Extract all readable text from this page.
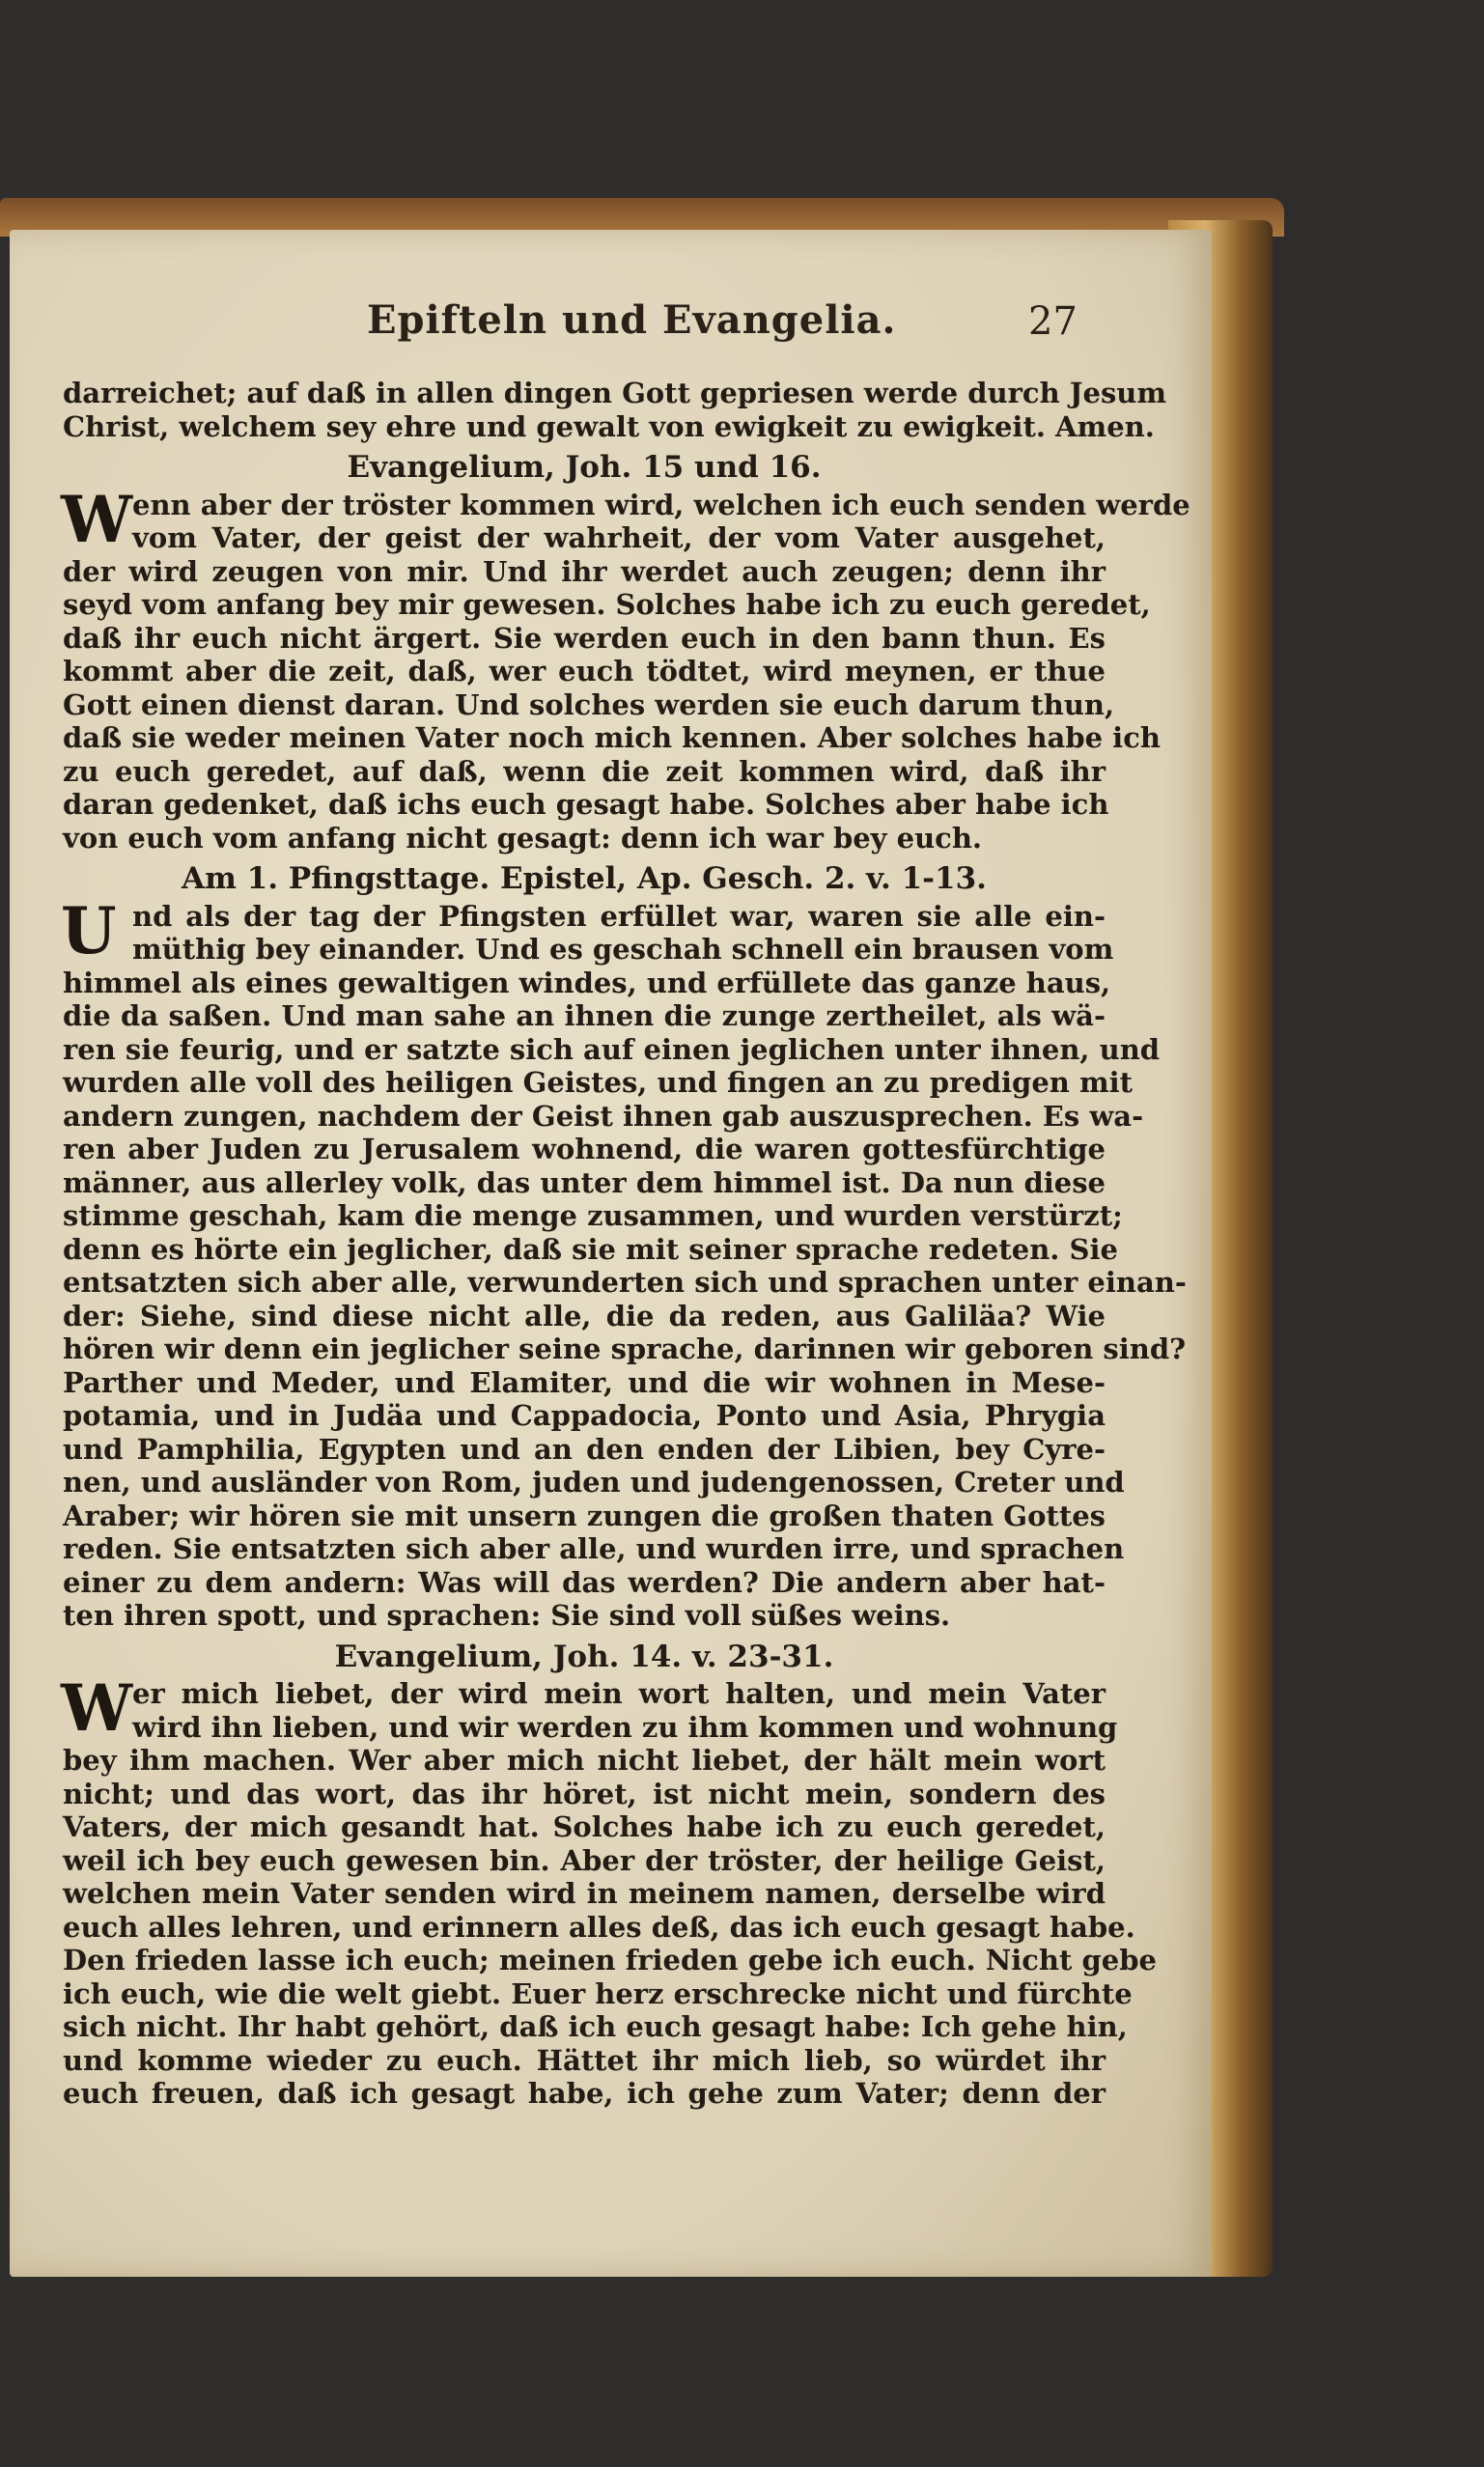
Epifteln und Evangelia.	27
darreichet; auf daß in allen dingen Gott gepriesen werde durch Jesum
Christ, welchem sey ehre und gewalt von ewigkeit zu ewigkeit. Amen.
Evangelium, Joh. 15 und 16.
W enn aber der tröster kommen wird, welchen ich euch senden werde
vom Vater, der geist der wahrheit, der vom Vater ausgehet,
der wird zeugen von mir. Und ihr werdet auch zeugen; denn ihr
seyd vom anfang bey mir gewesen. Solches habe ich zu euch geredet,
daß ihr euch nicht ärgert. Sie werden euch in den bann thun. Es
kommt aber die zeit, daß, wer euch tödtet, wird meynen, er thue
Gott einen dienst daran. Und solches werden sie euch darum thun,
daß sie weder meinen Vater noch mich kennen. Aber solches habe ich
zu euch geredet, auf daß, wenn die zeit kommen wird, daß ihr
daran gedenket, daß ichs euch gesagt habe. Solches aber habe ich
von euch vom anfang nicht gesagt: denn ich war bey euch.
Am 1. Pfingsttage. Epistel, Ap. Gesch. 2. v. 1-13.
U nd als der tag der Pfingsten erfüllet war, waren sie alle ein-
müthig bey einander. Und es geschah schnell ein brausen vom
himmel als eines gewaltigen windes, und erfüllete das ganze haus,
die da saßen. Und man sahe an ihnen die zunge zertheilet, als wä-
ren sie feurig, und er satzte sich auf einen jeglichen unter ihnen, und
wurden alle voll des heiligen Geistes, und fingen an zu predigen mit
andern zungen, nachdem der Geist ihnen gab auszusprechen. Es wa-
ren aber Juden zu Jerusalem wohnend, die waren gottesfürchtige
männer, aus allerley volk, das unter dem himmel ist. Da nun diese
stimme geschah, kam die menge zusammen, und wurden verstürzt;
denn es hörte ein jeglicher, daß sie mit seiner sprache redeten. Sie
entsatzten sich aber alle, verwunderten sich und sprachen unter einan-
der: Siehe, sind diese nicht alle, die da reden, aus Galiläa? Wie
hören wir denn ein jeglicher seine sprache, darinnen wir geboren sind?
Parther und Meder, und Elamiter, und die wir wohnen in Mese-
potamia, und in Judäa und Cappadocia, Ponto und Asia, Phrygia
und Pamphilia, Egypten und an den enden der Libien, bey Cyre-
nen, und ausländer von Rom, juden und judengenossen, Creter und
Araber; wir hören sie mit unsern zungen die großen thaten Gottes
reden. Sie entsatzten sich aber alle, und wurden irre, und sprachen
einer zu dem andern: Was will das werden? Die andern aber hat-
ten ihren spott, und sprachen: Sie sind voll süßes weins.
Evangelium, Joh. 14. v. 23-31.
W er mich liebet, der wird mein wort halten, und mein Vater
wird ihn lieben, und wir werden zu ihm kommen und wohnung
bey ihm machen. Wer aber mich nicht liebet, der hält mein wort
nicht; und das wort, das ihr höret, ist nicht mein, sondern des
Vaters, der mich gesandt hat. Solches habe ich zu euch geredet,
weil ich bey euch gewesen bin. Aber der tröster, der heilige Geist,
welchen mein Vater senden wird in meinem namen, derselbe wird
euch alles lehren, und erinnern alles deß, das ich euch gesagt habe.
Den frieden lasse ich euch; meinen frieden gebe ich euch. Nicht gebe
ich euch, wie die welt giebt. Euer herz erschrecke nicht und fürchte
sich nicht. Ihr habt gehört, daß ich euch gesagt habe: Ich gehe hin,
und komme wieder zu euch. Hättet ihr mich lieb, so würdet ihr
euch freuen, daß ich gesagt habe, ich gehe zum Vater; denn der
